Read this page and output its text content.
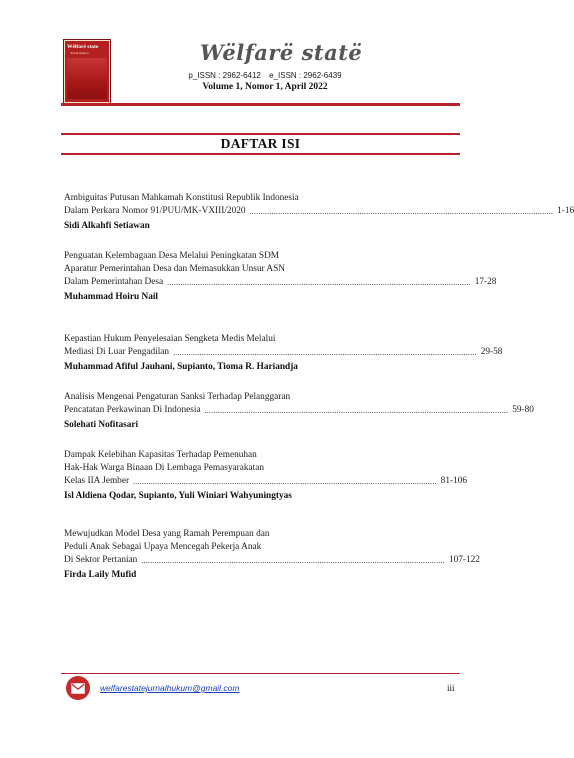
Wëlfarë state
Jurnal Hukum	Wëlfarë statë
p_ISSN : 2962-6412 e_ISSN : 2962-6439
Volume 1, Nomor 1, April 2022
DAFTAR ISI
Ambiguitas Putusan Mahkamah Konstitusi Republik Indonesia
Dalam Perkara Nomor 91/PUU/MK-VXIII/2020 .......................................................................................................................................... 1-16
Sidi Alkahfi Setiawan
Penguatan Kelembagaan Desa Melalui Peningkatan SDM
Aparatur Pemerintahan Desa dan Memasukkan Unsur ASN
Dalam Pemerintahan Desa .......................................................................................................................................... 17-28
Muhammad Hoiru Nail
Kepastian Hukum Penyelesaian Sengketa Medis Melalui
Mediasi Di Luar Pengadilan .......................................................................................................................................... 29-58
Muhammad Afiful Jauhani, Supianto, Tioma R. Hariandja
Analisis Mengenai Pengaturan Sanksi Terhadap Pelanggaran
Pencatatan Perkawinan Di Indonesia .......................................................................................................................................... 59-80
Solehati Nofitasari
Dampak Kelebihan Kapasitas Terhadap Pemenuhan
Hak-Hak Warga Binaan Di Lembaga Pemasyarakatan
Kelas IIA Jember .......................................................................................................................................... 81-106
Isl Aldiena Qodar, Supianto, Yuli Winiari Wahyuningtyas
Mewujudkan Model Desa yang Ramah Perempuan dan
Peduli Anak Sebagai Upaya Mencegah Pekerja Anak
Di Sektor Pertanian .......................................................................................................................................... 107-122
Firda Laily Mufid
welfarestatejurnalhukum@gmail.com	iii
